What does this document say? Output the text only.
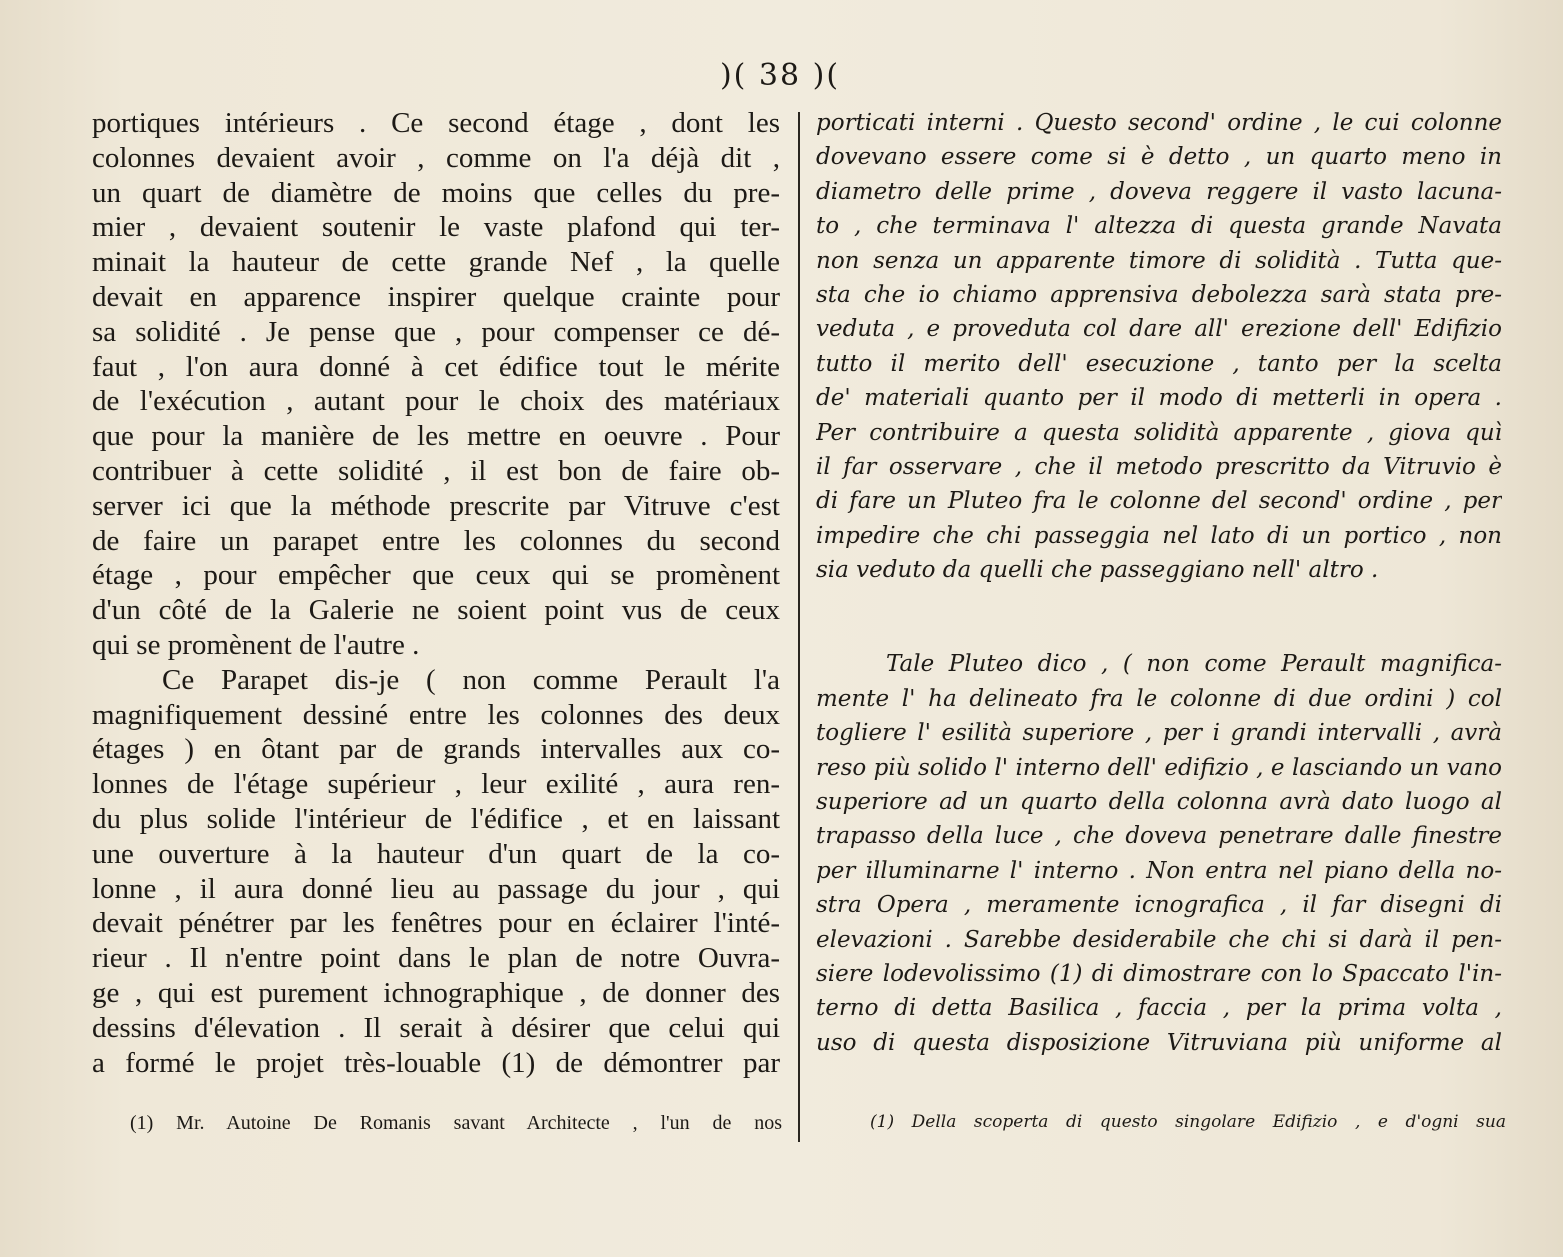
)( 38 )(
portiques intérieurs . Ce second étage , dont les
colonnes devaient avoir , comme on l'a déjà dit ,
un quart de diamètre de moins que celles du pre-
mier , devaient soutenir le vaste plafond qui ter-
minait la hauteur de cette grande Nef , la quelle
devait en apparence inspirer quelque crainte pour
sa solidité . Je pense que , pour compenser ce dé-
faut , l'on aura donné à cet édifice tout le mérite
de l'exécution , autant pour le choix des matériaux
que pour la manière de les mettre en oeuvre . Pour
contribuer à cette solidité , il est bon de faire ob-
server ici que la méthode prescrite par Vitruve c'est
de faire un parapet entre les colonnes du second
étage , pour empêcher que ceux qui se promènent
d'un côté de la Galerie ne soient point vus de ceux
qui se promènent de l'autre .
Ce Parapet dis-je ( non comme Perault l'a
magnifiquement dessiné entre les colonnes des deux
étages ) en ôtant par de grands intervalles aux co-
lonnes de l'étage supérieur , leur exilité , aura ren-
du plus solide l'intérieur de l'édifice , et en laissant
une ouverture à la hauteur d'un quart de la co-
lonne , il aura donné lieu au passage du jour , qui
devait pénétrer par les fenêtres pour en éclairer l'inté-
rieur . Il n'entre point dans le plan de notre Ouvra-
ge , qui est purement ichnographique , de donner des
dessins d'élevation . Il serait à désirer que celui qui
a formé le projet très-louable (1) de démontrer par
porticati interni . Questo second' ordine , le cui colonne
dovevano essere come si è detto , un quarto meno in
diametro delle prime , doveva reggere il vasto lacuna-
to , che terminava l' altezza di questa grande Navata
non senza un apparente timore di solidità . Tutta que-
sta che io chiamo apprensiva debolezza sarà stata pre-
veduta , e proveduta col dare all' erezione dell' Edifizio
tutto il merito dell' esecuzione , tanto per la scelta
de' materiali quanto per il modo di metterli in opera .
Per contribuire a questa solidità apparente , giova quì
il far osservare , che il metodo prescritto da Vitruvio è
di fare un Pluteo fra le colonne del second' ordine , per
impedire che chi passeggia nel lato di un portico , non
sia veduto da quelli che passeggiano nell' altro .
Tale Pluteo dico , ( non come Perault magnifica-
mente l' ha delineato fra le colonne di due ordini ) col
togliere l' esilità superiore , per i grandi intervalli , avrà
reso più solido l' interno dell' edifizio , e lasciando un vano
superiore ad un quarto della colonna avrà dato luogo al
trapasso della luce , che doveva penetrare dalle finestre
per illuminarne l' interno . Non entra nel piano della no-
stra Opera , meramente icnografica , il far disegni di
elevazioni . Sarebbe desiderabile che chi si darà il pen-
siere lodevolissimo (1) di dimostrare con lo Spaccato l'in-
terno di detta Basilica , faccia , per la prima volta ,
uso di questa disposizione Vitruviana più uniforme al
(1) Mr. Autoine De Romanis savant Architecte , l'un de nos	(1) Della scoperta di questo singolare Edifizio , e d'ogni sua
